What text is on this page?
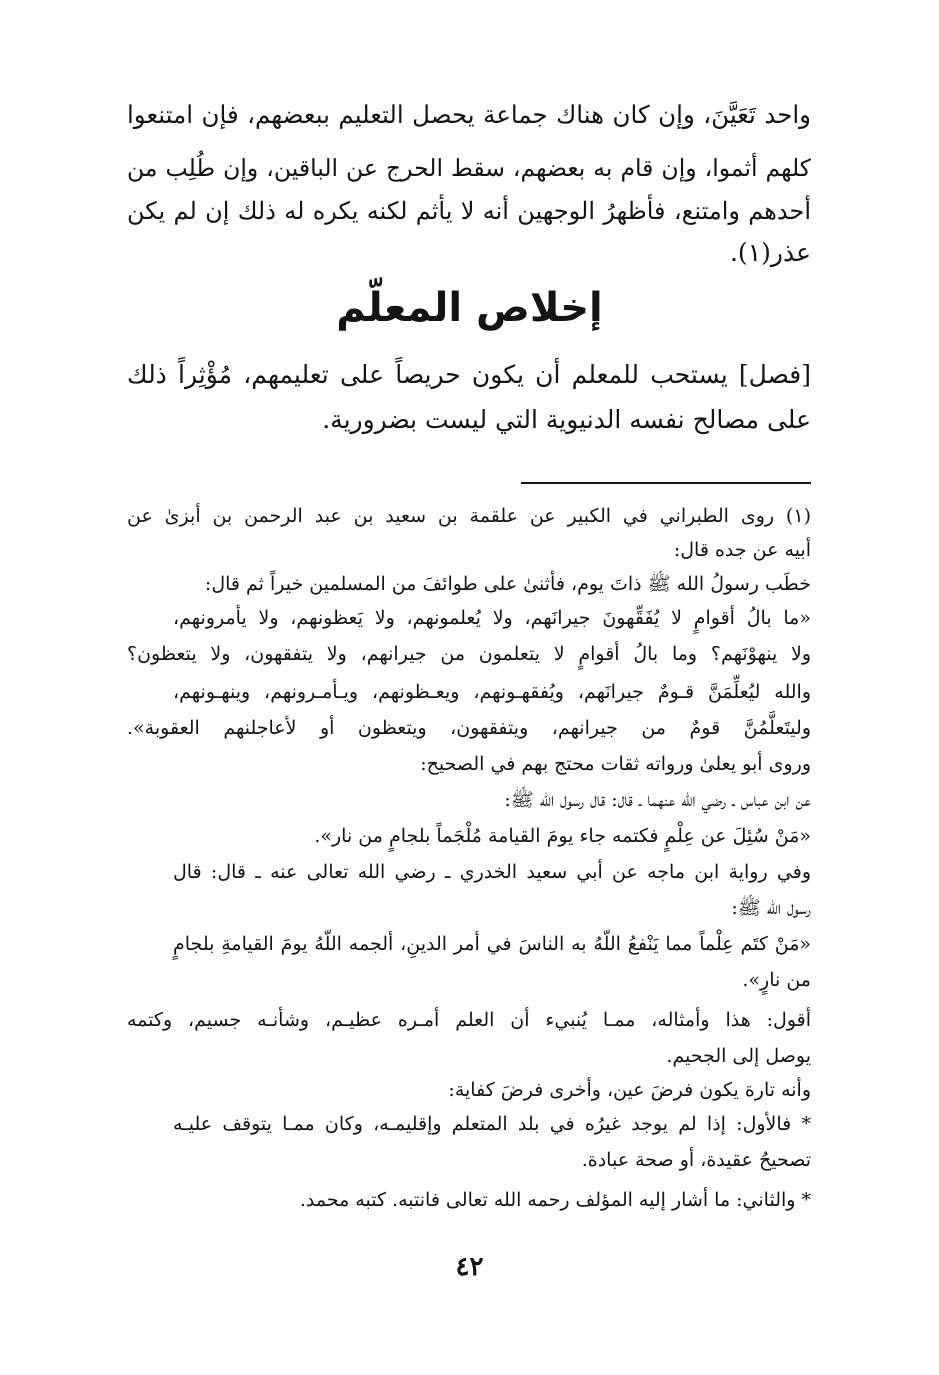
واحد تَعَيَّنَ، وإن كان هناك جماعة يحصل التعليم ببعضهم، فإن امتنعوا
كلهم أثموا، وإن قام به بعضهم، سقط الحرج عن الباقين، وإن طُلِب من
أحدهم وامتنع، فأظهرُ الوجهين أنه لا يأثم لكنه يكره له ذلك إن لم يكن
عذر(١).
إخلاص المعلّم
[فصل] يستحب للمعلم أن يكون حريصاً على تعليمهم، مُؤْثِراً ذلك
على مصالح نفسه الدنيوية التي ليست بضرورية.
(١) روى الطبراني في الكبير عن علقمة بن سعيد بن عبد الرحمن بن أبزىٰ عن
أبيه عن جده قال:
خطَب رسولُ الله ﷺ ذاتَ يوم، فأثنىٰ على طوائفَ من المسلمين خيراً ثم قال:
«ما بالُ أقوامٍ لا يُفَقِّهونَ جيرانَهم، ولا يُعلمونهم، ولا يَعظونهم، ولا يأمرونهم،
ولا ينهوْنَهم؟ وما بالُ أقوامٍ لا يتعلمون من جيرانهم، ولا يتفقهون، ولا يتعظون؟
والله ليُعلِّمَنَّ قـومٌ جيرانَهم، ويُفقهـونهم، ويعـظونهم، ويـأمـرونهم، وينهـونهم،
وليتَعلَّمُنَّ قومٌ من جيرانهم، ويتفقهون، ويتعظون أو لأعاجلنهم العقوبة».
وروى أبو يعلىٰ ورواته ثقات محتج بهم في الصحيح:
عن ابن عباس ـ رضي الله عنهما ـ قال: قال رسول الله ﷺ:
«مَنْ سُئِلَ عن عِلْمٍ فكتمه جاء يومَ القيامة مُلْجَماً بلجامٍ من نار».
وفي رواية ابن ماجه عن أبي سعيد الخدري ـ رضي الله تعالى عنه ـ قال: قال
رسول الله ﷺ:
«مَنْ كتَم عِلْماً مما يَنْفعُ اللّهُ به الناسَ في أمر الدينِ، ألجمه اللّهُ يومَ القيامةِ بلجامٍ
من نارٍ».
أقول: هذا وأمثاله، ممـا يُنبيء أن العلم أمـره عظيـم، وشأنـه جسيم، وكتمه
يوصل إلى الجحيم.
وأنه تارة يكون فرضَ عين، وأخرى فرضَ كفاية:
* فالأول: إذا لم يوجد غيرُه في بلد المتعلم وإقليمـه، وكان ممـا يتوقف عليـه
تصحيحُ عقيدة، أو صحة عبادة.
* والثاني: ما أشار إليه المؤلف رحمه الله تعالى فانتبه. كتبه محمد.
٤٢
